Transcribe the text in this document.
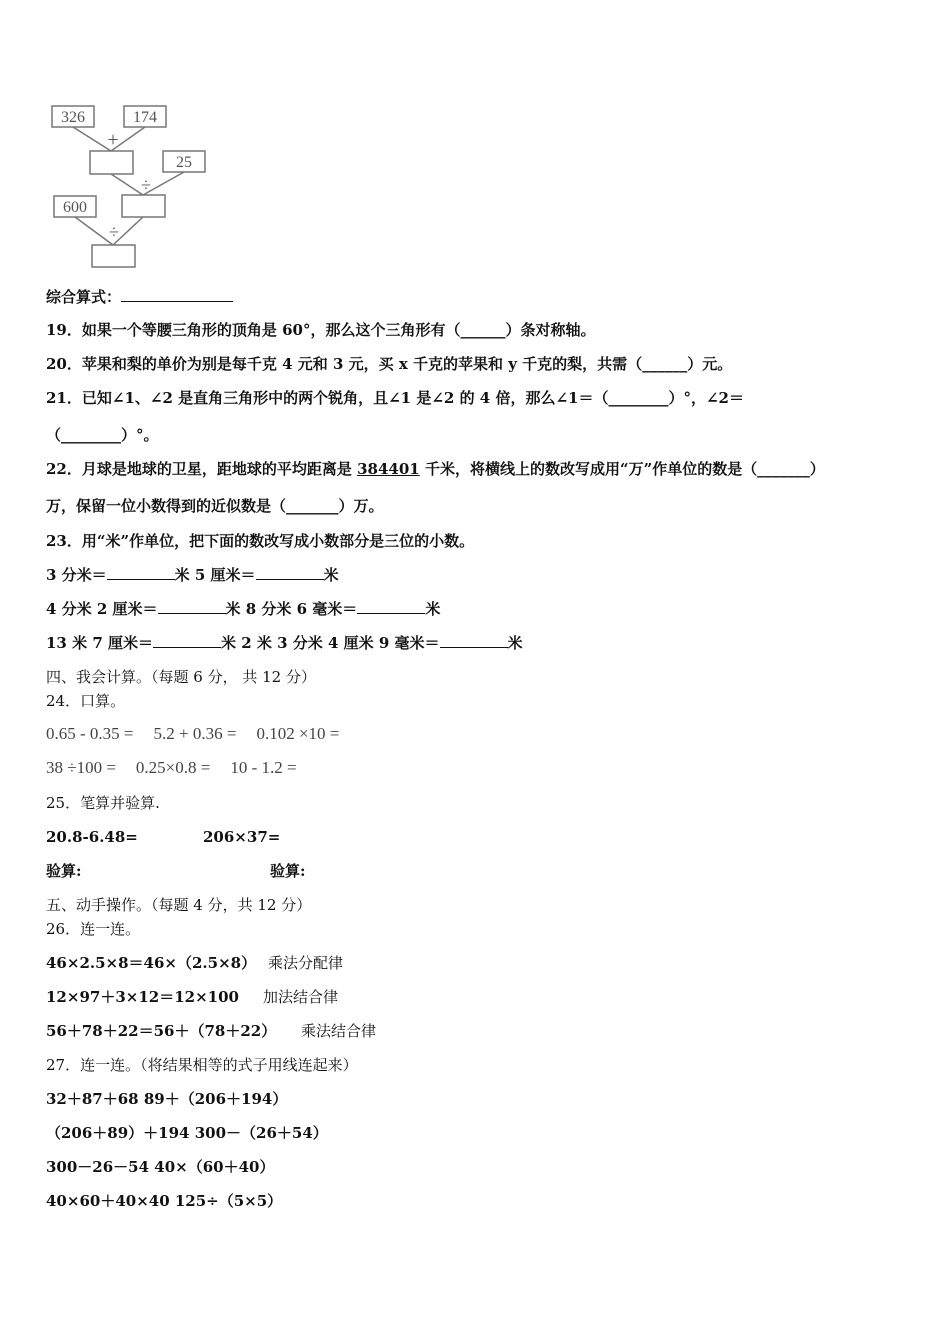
326	174
+
25
÷
600
÷
综合算式：
19．如果一个等腰三角形的顶角是 60°，那么这个三角形有（______）条对称轴。
20．苹果和梨的单价为别是每千克 4 元和 3 元，买 x 千克的苹果和 y 千克的梨，共需（______）元。
21．已知∠1、∠2 是直角三角形中的两个锐角，且∠1 是∠2 的 4 倍，那么∠1＝（________）°，∠2＝
（________）°。
22．月球是地球的卫星，距地球的平均距离是 384401 千米，将横线上的数改写成用“万”作单位的数是（_______）
万，保留一位小数得到的近似数是（_______）万。
23．用“米”作单位，把下面的数改写成小数部分是三位的小数。
3 分米＝	米 5 厘米＝	米
4 分米 2 厘米＝	米 8 分米 6 毫米＝	米
13 米 7 厘米＝	米 2 米 3 分米 4 厘米 9 毫米＝	米
四、我会计算。（每题 6 分， 共 12 分）
24．口算。
0.65 - 0.35 = 5.2 + 0.36 = 0.102 ×10 =
38 ÷100 = 0.25×0.8 = 10 - 1.2 =
25．笔算并验算.
20.8-6.48=	206×37=
验算:	验算:
五、动手操作。（每题 4 分，共 12 分）
26．连一连。
46×2.5×8＝46×（2.5×8） 乘法分配律
12×97＋3×12＝12×100 加法结合律
56＋78＋22＝56＋（78＋22） 乘法结合律
27．连一连。（将结果相等的式子用线连起来）
32＋87＋68 89＋（206＋194）
（206＋89）＋194 300－（26＋54）
300－26－54 40×（60＋40）
40×60＋40×40 125÷（5×5）
